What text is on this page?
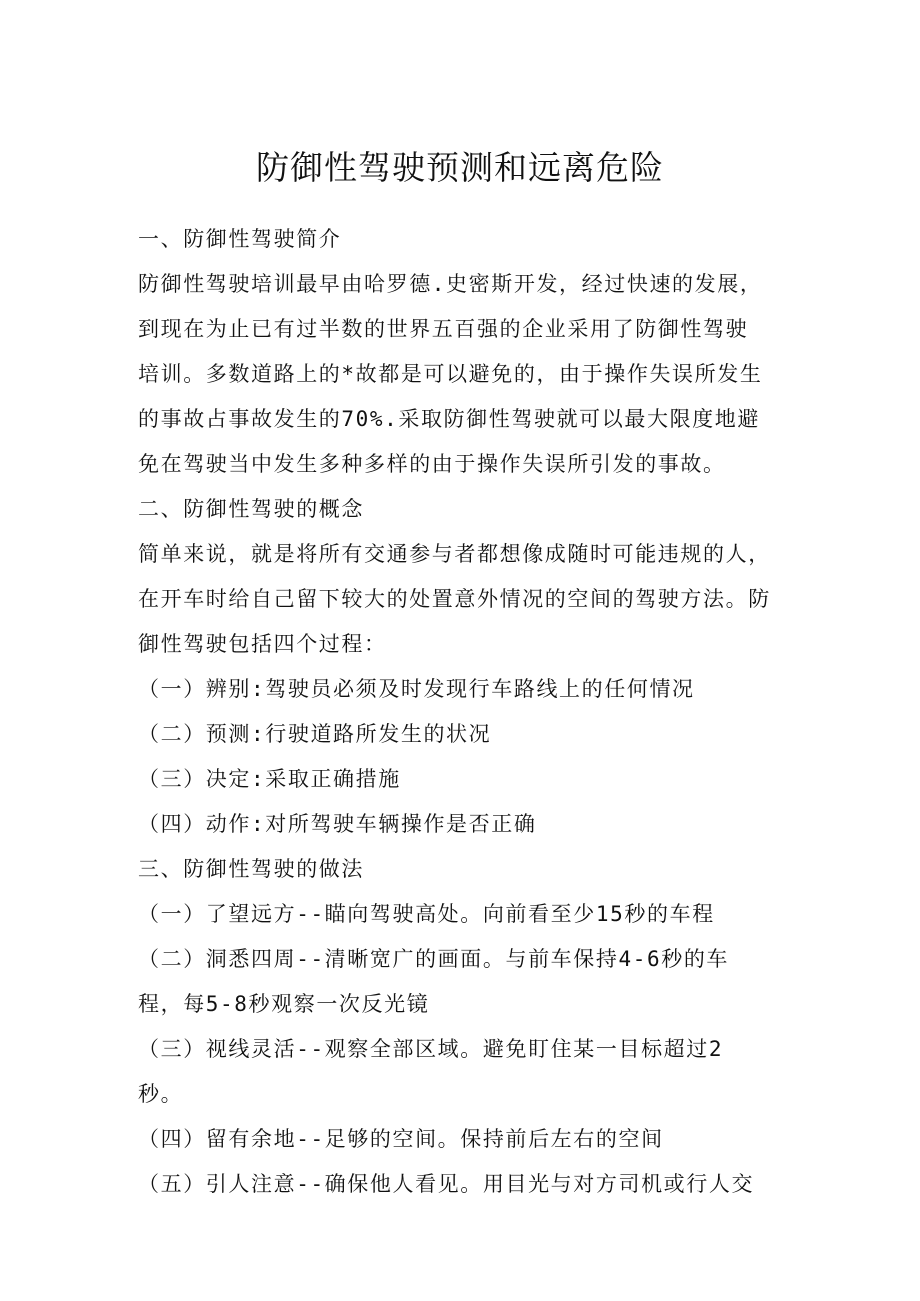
防御性驾驶预测和远离危险
一、防御性驾驶简介
防御性驾驶培训最早由哈罗德.史密斯开发，经过快速的发展，
到现在为止已有过半数的世界五百强的企业采用了防御性驾驶
培训。多数道路上的*故都是可以避免的，由于操作失误所发生
的事故占事故发生的70%.采取防御性驾驶就可以最大限度地避
免在驾驶当中发生多种多样的由于操作失误所引发的事故。
二、防御性驾驶的概念
简单来说，就是将所有交通参与者都想像成随时可能违规的人，
在开车时给自己留下较大的处置意外情况的空间的驾驶方法。防
御性驾驶包括四个过程：
（一）辨别:驾驶员必须及时发现行车路线上的任何情况
（二）预测:行驶道路所发生的状况
（三）决定:采取正确措施
（四）动作:对所驾驶车辆操作是否正确
三、防御性驾驶的做法
（一）了望远方--瞄向驾驶高处。向前看至少15秒的车程
（二）洞悉四周--清晰宽广的画面。与前车保持4-6秒的车
程，每5-8秒观察一次反光镜
（三）视线灵活--观察全部区域。避免盯住某一目标超过2
秒。
（四）留有余地--足够的空间。保持前后左右的空间
（五）引人注意--确保他人看见。用目光与对方司机或行人交
